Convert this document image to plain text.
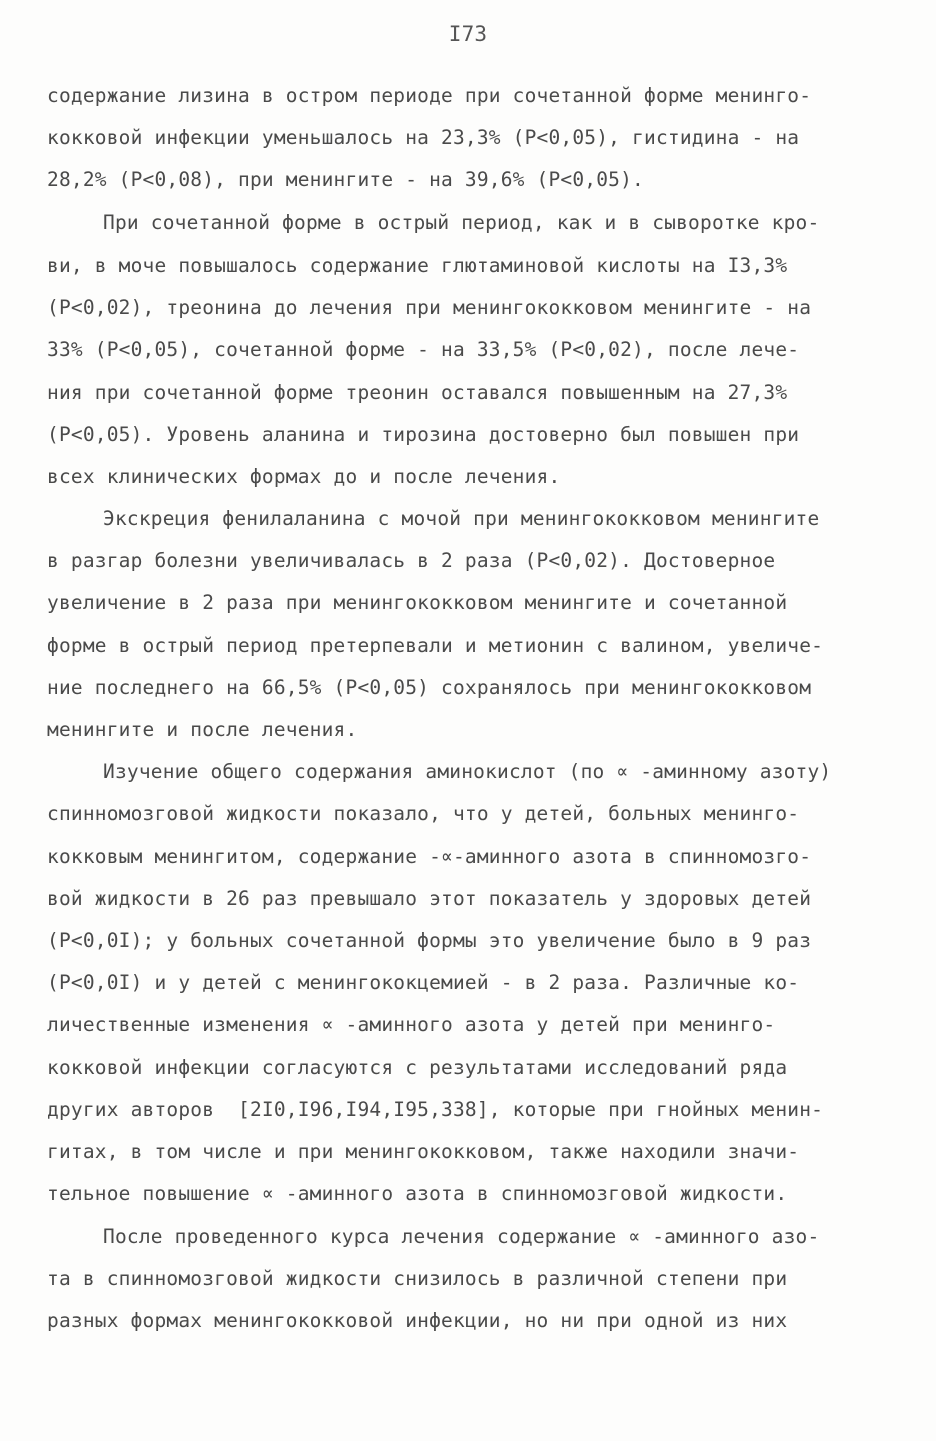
I73
содержание лизина в остром периоде при сочетанной форме менинго-
кокковой инфекции уменьшалось на 23,3% (P<0,05), гистидина - на
28,2% (P<0,08), при менингите - на 39,6% (P<0,05).
При сочетанной форме в острый период, как и в сыворотке кро-
ви, в моче повышалось содержание глютаминовой кислоты на I3,3%
(P<0,02), треонина до лечения при менингококковом менингите - на
33% (P<0,05), сочетанной форме - на 33,5% (P<0,02), после лече-
ния при сочетанной форме треонин оставался повышенным на 27,3%
(P<0,05). Уровень аланина и тирозина достоверно был повышен при
всех клинических формах до и после лечения.
Экскреция фенилаланина с мочой при менингококковом менингите
в разгар болезни увеличивалась в 2 раза (P<0,02). Достоверное
увеличение в 2 раза при менингококковом менингите и сочетанной
форме в острый период претерпевали и метионин с валином, увеличе-
ние последнего на 66,5% (P<0,05) сохранялось при менингококковом
менингите и после лечения.
Изучение общего содержания аминокислот (по ∝ -аминному азоту)
спинномозговой жидкости показало, что у детей, больных менинго-
кокковым менингитом, содержание -∝-аминного азота в спинномозго-
вой жидкости в 26 раз превышало этот показатель у здоровых детей
(P<0,0I); у больных сочетанной формы это увеличение было в 9 раз
(P<0,0I) и у детей с менингококцемией - в 2 раза. Различные ко-
личественные изменения ∝ -аминного азота у детей при менинго-
кокковой инфекции согласуются с результатами исследований ряда
других авторов  [2I0,I96,I94,I95,338], которые при гнойных менин-
гитах, в том числе и при менингококковом, также находили значи-
тельное повышение ∝ -аминного азота в спинномозговой жидкости.
После проведенного курса лечения содержание ∝ -аминного азо-
та в спинномозговой жидкости снизилось в различной степени при
разных формах менингококковой инфекции, но ни при одной из них
